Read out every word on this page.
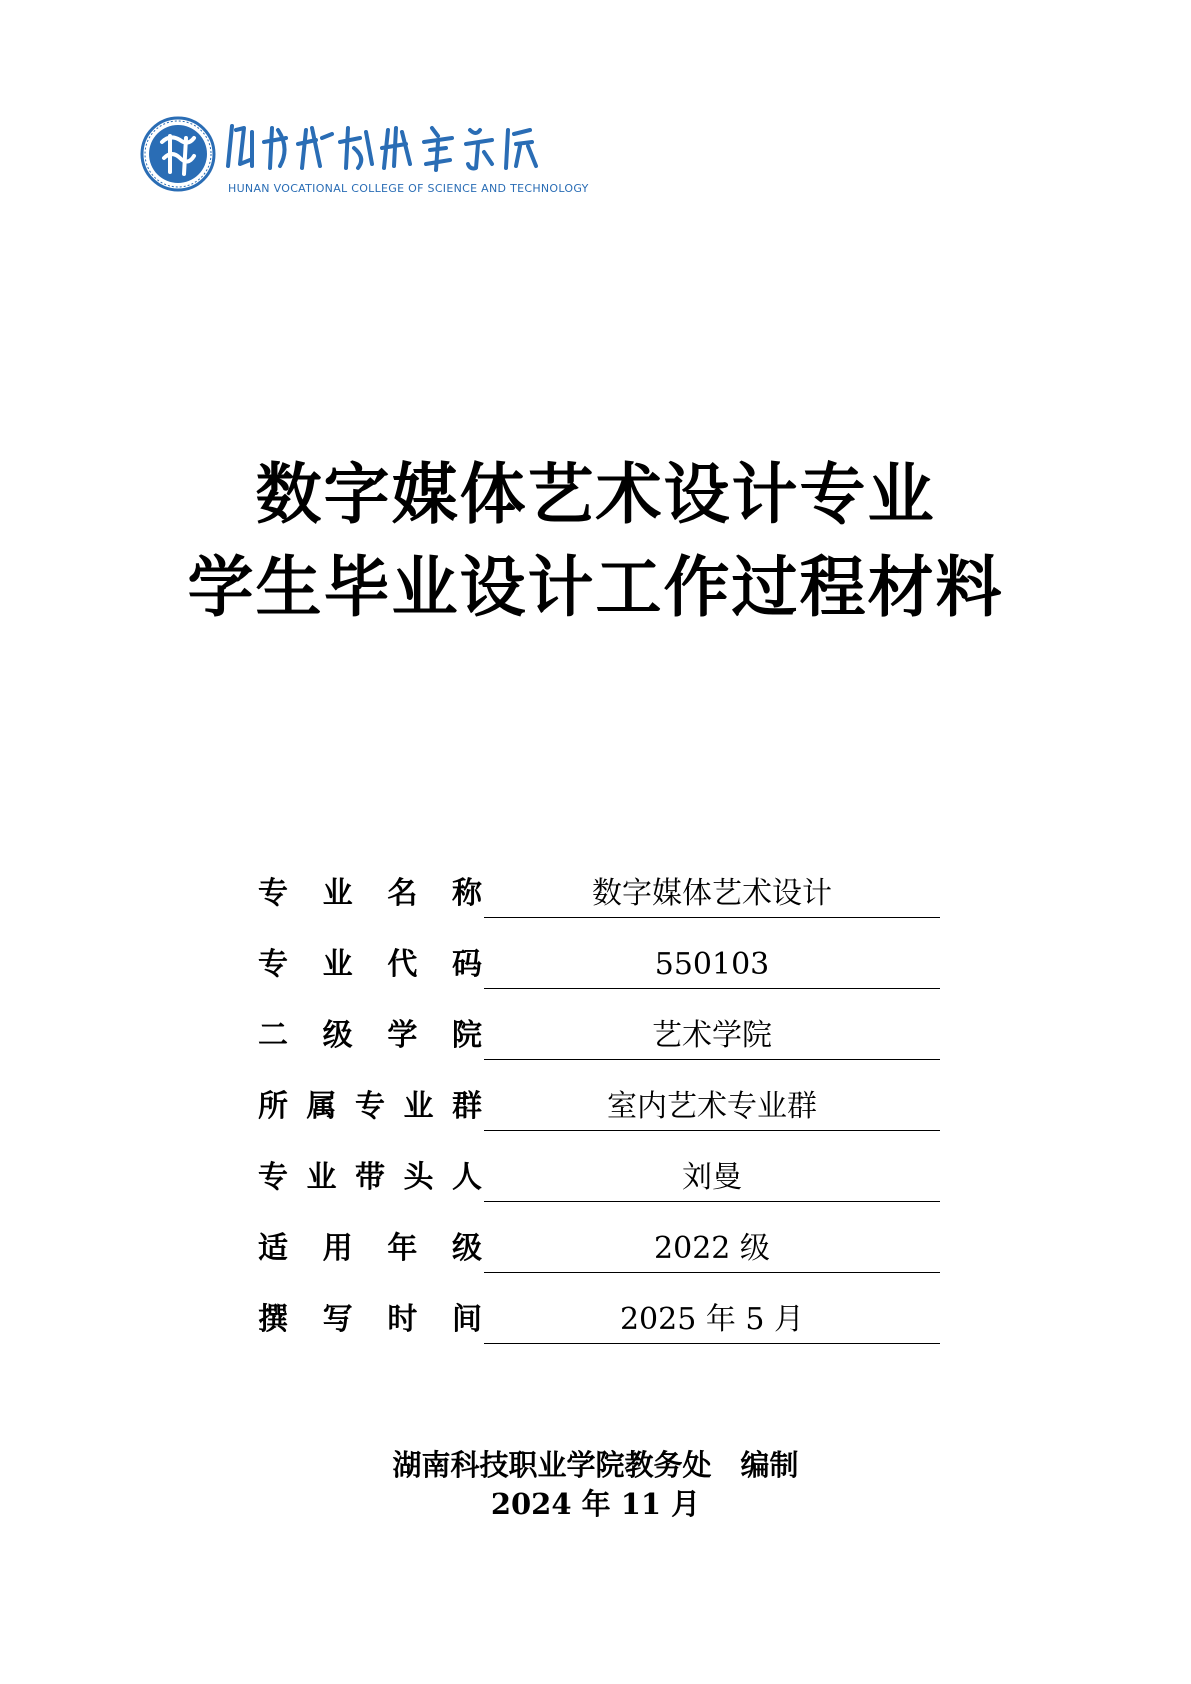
HUNAN VOCATIONAL COLLEGE OF SCIENCE AND TECHNOLOGY
数字媒体艺术设计专业
学生毕业设计工作过程材料
专 业 名 称	数字媒体艺术设计
专 业 代 码	550103
二 级 学 院	艺术学院
所 属 专 业 群	室内艺术专业群
专 业 带 头 人	刘曼
适 用 年 级	2022 级
撰 写 时 间	2025 年 5 月
湖南科技职业学院教务处　编制
2024 年 11 月
